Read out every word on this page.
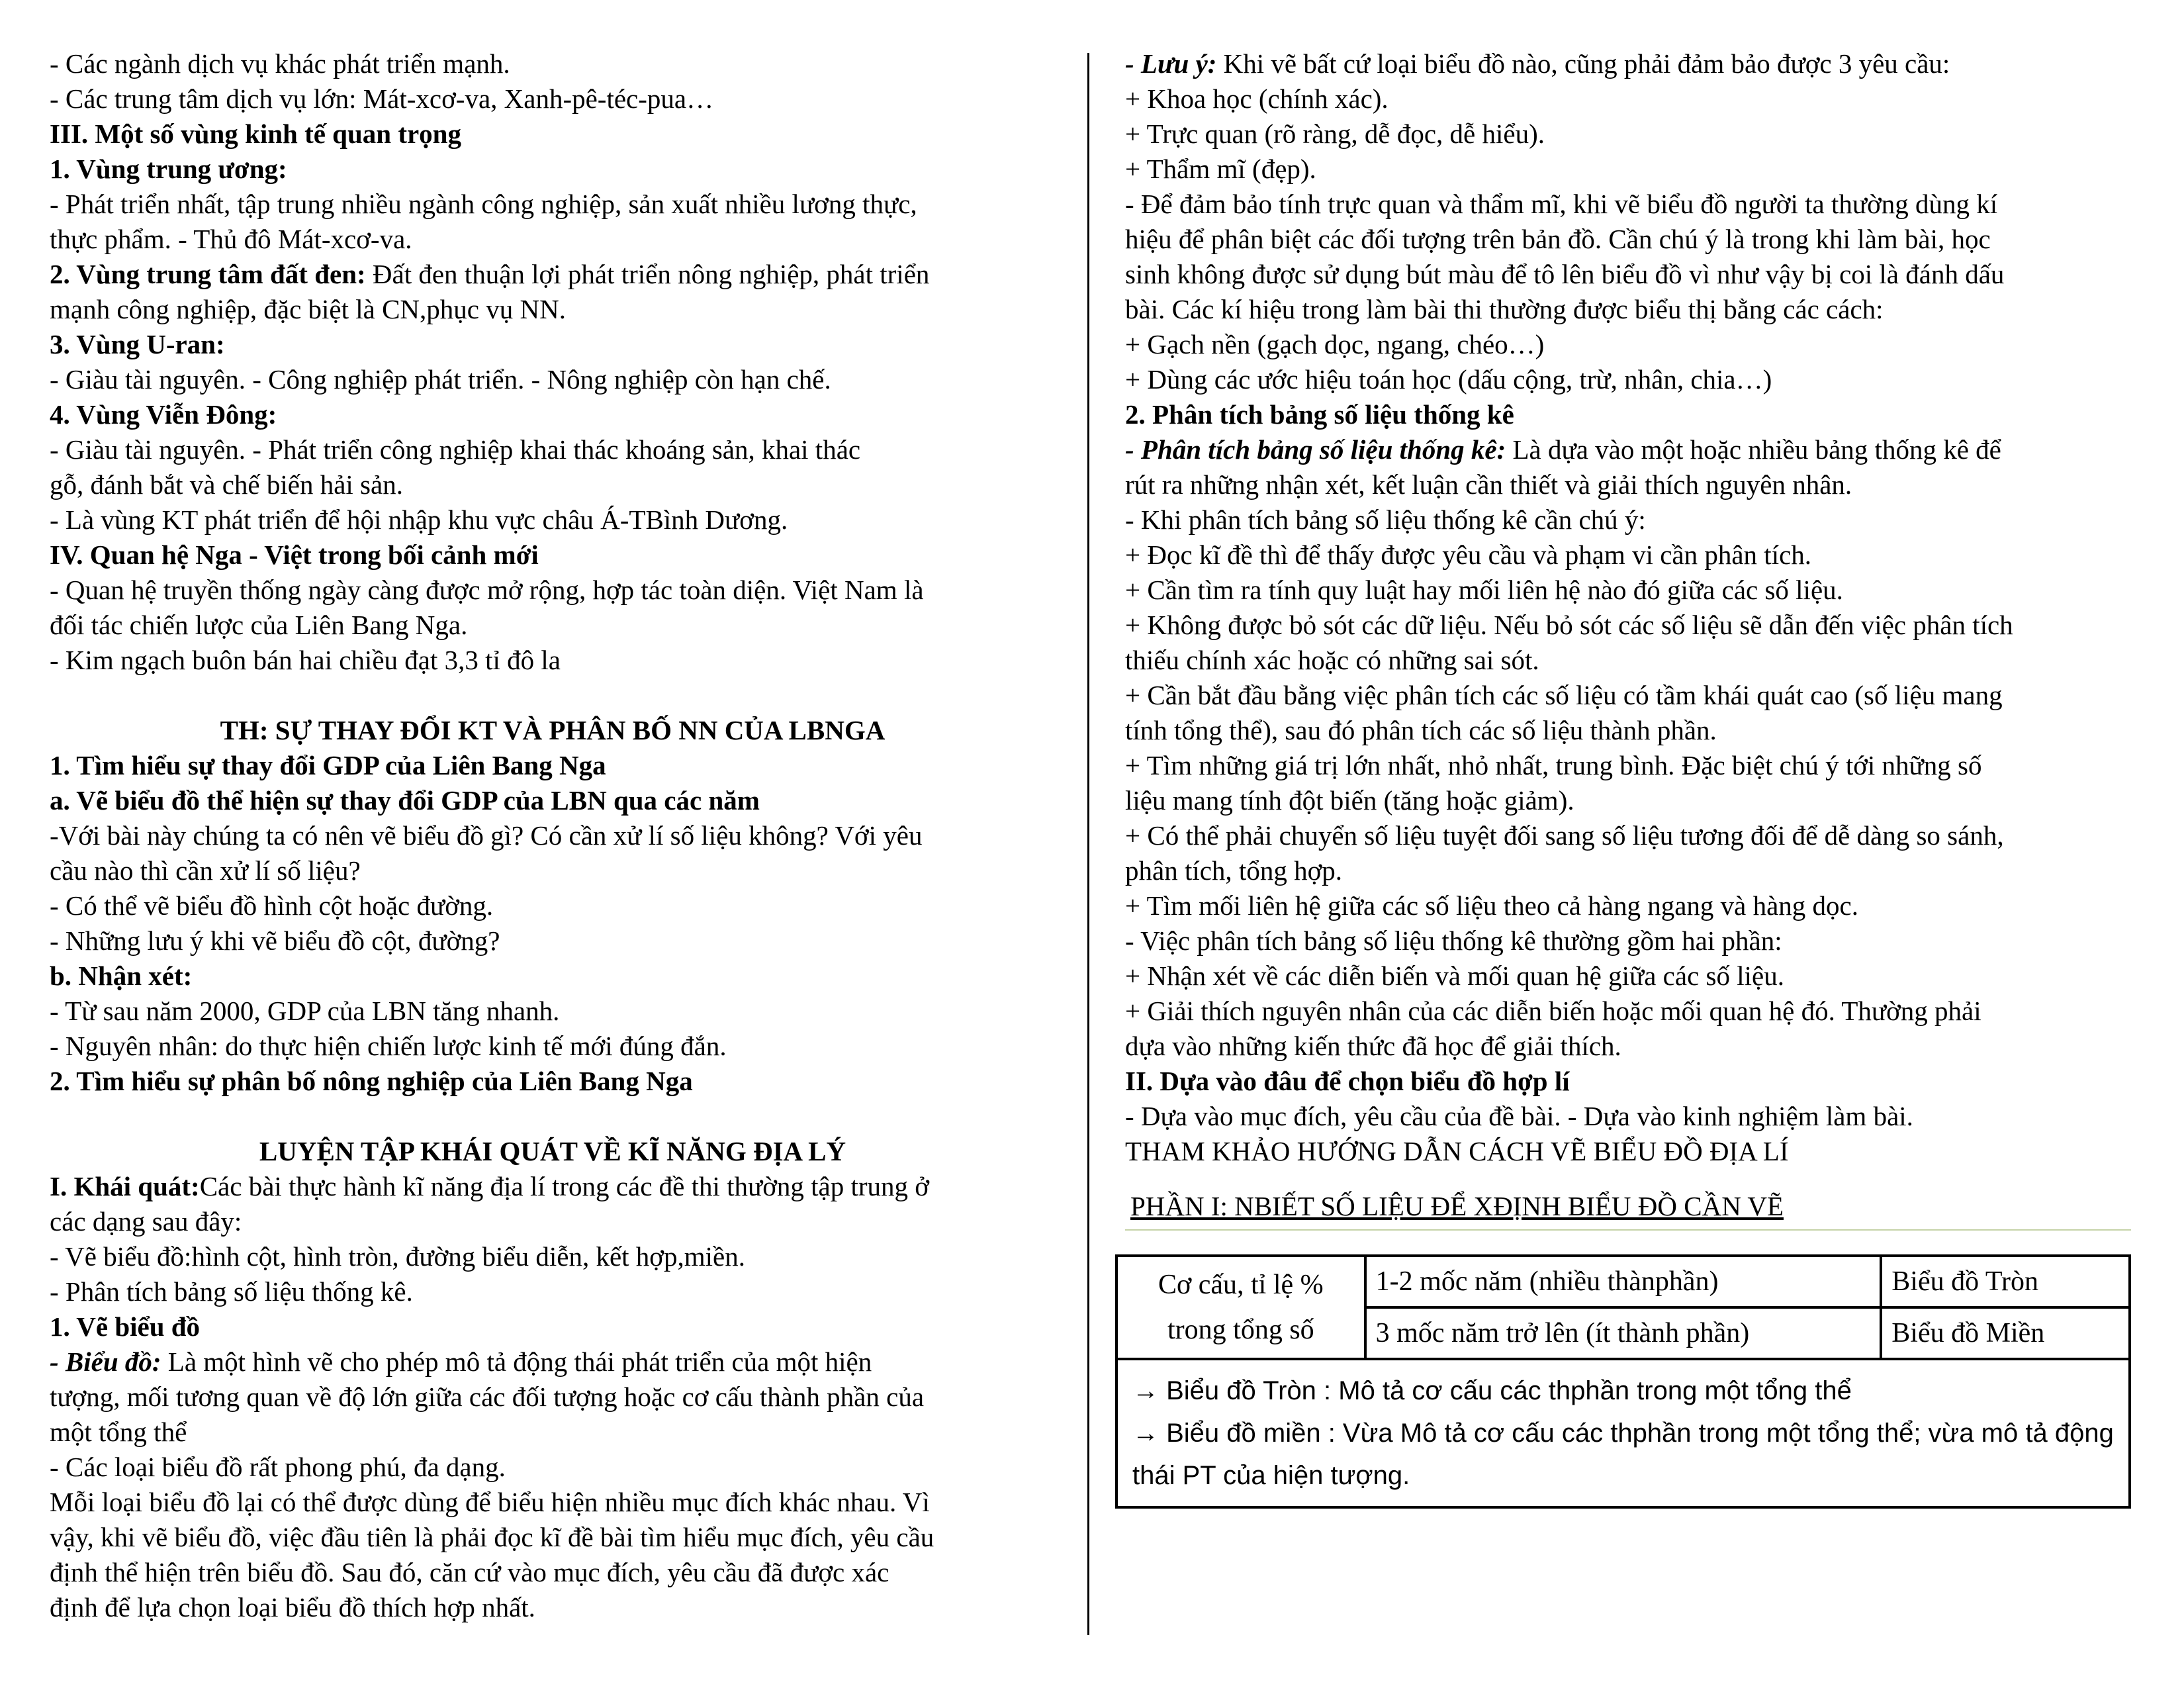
- Các ngành dịch vụ khác phát triển mạnh.
- Các trung tâm dịch vụ lớn: Mát-xcơ-va, Xanh-pê-téc-pua…
III. Một số vùng kinh tế quan trọng
1. Vùng trung ương:
- Phát triển nhất, tập trung nhiều ngành công nghiệp, sản xuất nhiều lương thực,
thực phẩm. - Thủ đô Mát-xcơ-va.
2. Vùng trung tâm đất đen: Đất đen thuận lợi phát triển nông nghiệp, phát triển
mạnh công nghiệp, đặc biệt là CN,phục vụ NN.
3. Vùng U-ran:
- Giàu tài nguyên. - Công nghiệp phát triển. - Nông nghiệp còn hạn chế.
4. Vùng Viễn Đông:
- Giàu tài nguyên. - Phát triển công nghiệp khai thác khoáng sản, khai thác
gỗ, đánh bắt và chế biến hải sản.
- Là vùng KT phát triển để hội nhập khu vực châu Á-TBình Dương.
IV. Quan hệ Nga - Việt trong bối cảnh mới
- Quan hệ truyền thống ngày càng được mở rộng, hợp tác toàn diện. Việt Nam là
đối tác chiến lược của Liên Bang Nga.
- Kim ngạch buôn bán hai chiều đạt 3,3 tỉ đô la
TH: SỰ THAY ĐỔI KT VÀ PHÂN BỐ NN CỦA LBNGA
1. Tìm hiểu sự thay đổi GDP của Liên Bang Nga
a. Vẽ biểu đồ thể hiện sự thay đổi GDP của LBN qua các năm
-Với bài này chúng ta có nên vẽ biểu đồ gì? Có cần xử lí số liệu không? Với yêu
cầu nào thì cần xử lí số liệu?
- Có thể vẽ biểu đồ hình cột hoặc đường.
- Những lưu ý khi vẽ biểu đồ cột, đường?
b. Nhận xét:
- Từ sau năm 2000, GDP của LBN tăng nhanh.
- Nguyên nhân: do thực hiện chiến lược kinh tế mới đúng đắn.
2. Tìm hiểu sự phân bố nông nghiệp của Liên Bang Nga
LUYỆN TẬP KHÁI QUÁT VỀ KĨ NĂNG ĐỊA LÝ
I. Khái quát:Các bài thực hành kĩ năng địa lí trong các đề thi thường tập trung ở
các dạng sau đây:
- Vẽ biểu đồ:hình cột, hình tròn, đường biểu diễn, kết hợp,miền.
- Phân tích bảng số liệu thống kê.
1. Vẽ biểu đồ
- Biểu đồ: Là một hình vẽ cho phép mô tả động thái phát triển của một hiện
tượng, mối tương quan về độ lớn giữa các đối tượng hoặc cơ cấu thành phần của
một tổng thể
- Các loại biểu đồ rất phong phú, đa dạng.
Mỗi loại biểu đồ lại có thể được dùng để biểu hiện nhiều mục đích khác nhau. Vì
vậy, khi vẽ biểu đồ, việc đầu tiên là phải đọc kĩ đề bài tìm hiểu mục đích, yêu cầu
định thể hiện trên biểu đồ. Sau đó, căn cứ vào mục đích, yêu cầu đã được xác
định để lựa chọn loại biểu đồ thích hợp nhất.
- Lưu ý: Khi vẽ bất cứ loại biểu đồ nào, cũng phải đảm bảo được 3 yêu cầu:
+ Khoa học (chính xác).
+ Trực quan (rõ ràng, dễ đọc, dễ hiểu).
+ Thẩm mĩ (đẹp).
- Để đảm bảo tính trực quan và thẩm mĩ, khi vẽ biểu đồ người ta thường dùng kí
hiệu để phân biệt các đối tượng trên bản đồ. Cần chú ý là trong khi làm bài, học
sinh không được sử dụng bút màu để tô lên biểu đồ vì như vậy bị coi là đánh dấu
bài. Các kí hiệu trong làm bài thi thường được biểu thị bằng các cách:
+ Gạch nền (gạch dọc, ngang, chéo…)
+ Dùng các ước hiệu toán học (dấu cộng, trừ, nhân, chia…)
2. Phân tích bảng số liệu thống kê
- Phân tích bảng số liệu thống kê: Là dựa vào một hoặc nhiều bảng thống kê để
rút ra những nhận xét, kết luận cần thiết và giải thích nguyên nhân.
- Khi phân tích bảng số liệu thống kê cần chú ý:
+ Đọc kĩ đề thì để thấy được yêu cầu và phạm vi cần phân tích.
+ Cần tìm ra tính quy luật hay mối liên hệ nào đó giữa các số liệu.
+ Không được bỏ sót các dữ liệu. Nếu bỏ sót các số liệu sẽ dẫn đến việc phân tích
thiếu chính xác hoặc có những sai sót.
+ Cần bắt đầu bằng việc phân tích các số liệu có tầm khái quát cao (số liệu mang
tính tổng thể), sau đó phân tích các số liệu thành phần.
+ Tìm những giá trị lớn nhất, nhỏ nhất, trung bình. Đặc biệt chú ý tới những số
liệu mang tính đột biến (tăng hoặc giảm).
+ Có thể phải chuyển số liệu tuyệt đối sang số liệu tương đối để dễ dàng so sánh,
phân tích, tổng hợp.
+ Tìm mối liên hệ giữa các số liệu theo cả hàng ngang và hàng dọc.
- Việc phân tích bảng số liệu thống kê thường gồm hai phần:
+ Nhận xét về các diễn biến và mối quan hệ giữa các số liệu.
+ Giải thích nguyên nhân của các diễn biến hoặc mối quan hệ đó. Thường phải
dựa vào những kiến thức đã học để giải thích.
II. Dựa vào đâu để chọn biểu đồ hợp lí
- Dựa vào mục đích, yêu cầu của đề bài. - Dựa vào kinh nghiệm làm bài.
THAM KHẢO HƯỚNG DẪN CÁCH VẼ BIỂU ĐỒ ĐỊA LÍ
PHẦN I: NBIẾT SỐ LIỆU ĐỂ XĐỊNH BIỂU ĐỒ CẦN VẼ
Cơ cấu, tỉ lệ % trong tổng số	1-2 mốc năm (nhiều thànphần)	Biểu đồ Tròn
	3 mốc năm trở lên (ít thành phần)	Biểu đồ Miền

→ Biểu đồ Tròn : Mô tả cơ cấu các thphần trong một tổng thể
→ Biểu đồ miền : Vừa Mô tả cơ cấu các thphần trong một tổng thể; vừa mô tả động thái PT của hiện tượng.		
